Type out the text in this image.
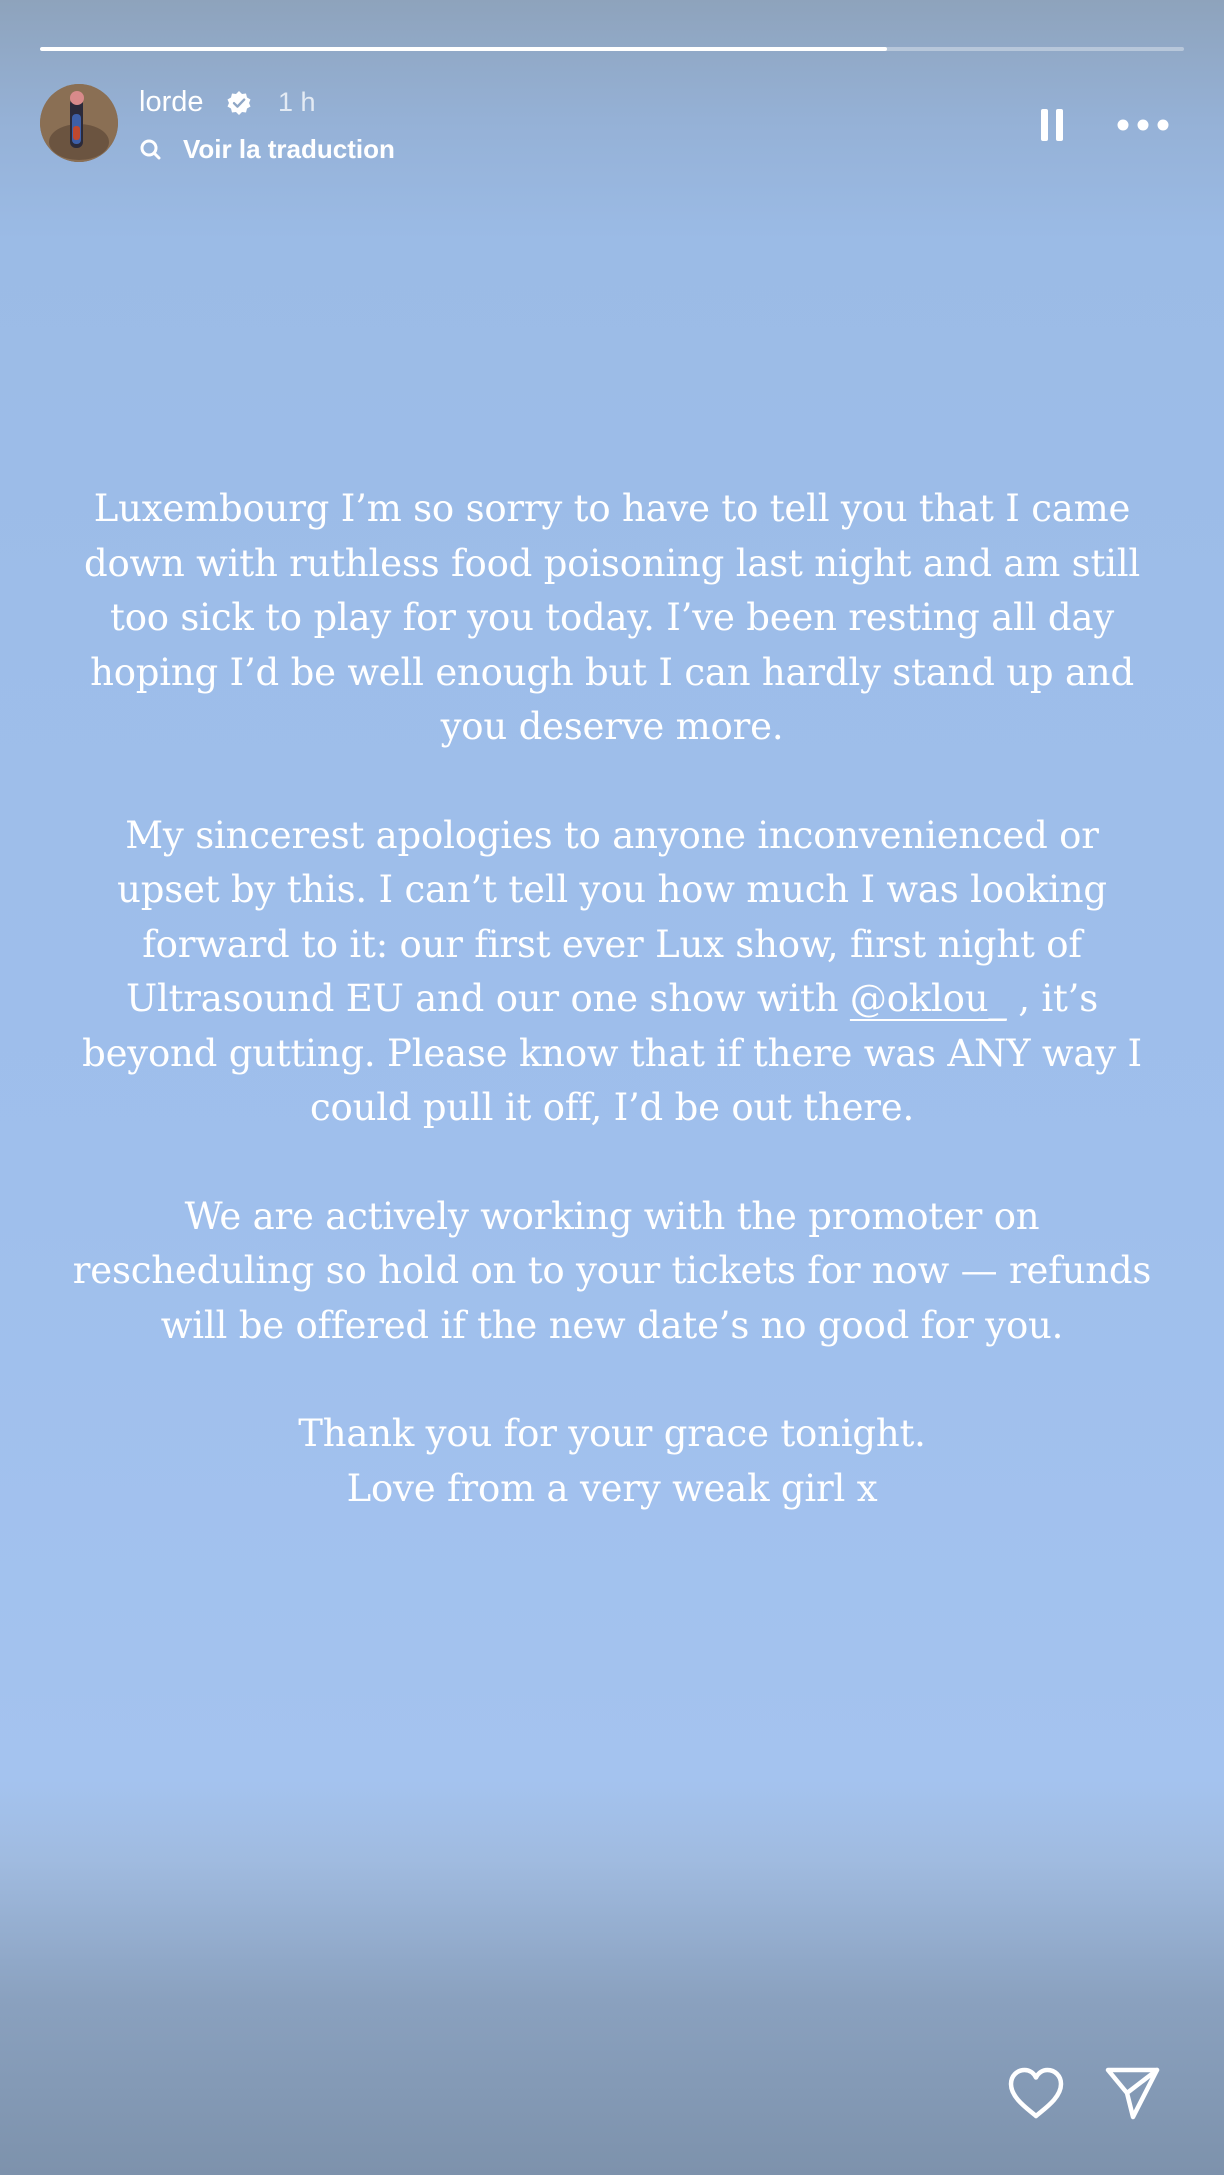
lorde	1 h
Voir la traduction

Luxembourg I’m so sorry to have to tell you that I came down with ruthless food poisoning last night and am still too sick to play for you today. I’ve been resting all day hoping I’d be well enough but I can hardly stand up and you deserve more.

My sincerest apologies to anyone inconvenienced or upset by this. I can’t tell you how much I was looking forward to it: our first ever Lux show, first night of Ultrasound EU and our one show with @oklou_ , it’s beyond gutting. Please know that if there was ANY way I could pull it off, I’d be out there.

We are actively working with the promoter on rescheduling so hold on to your tickets for now — refunds will be offered if the new date’s no good for you.

Thank you for your grace tonight.
Love from a very weak girl x
